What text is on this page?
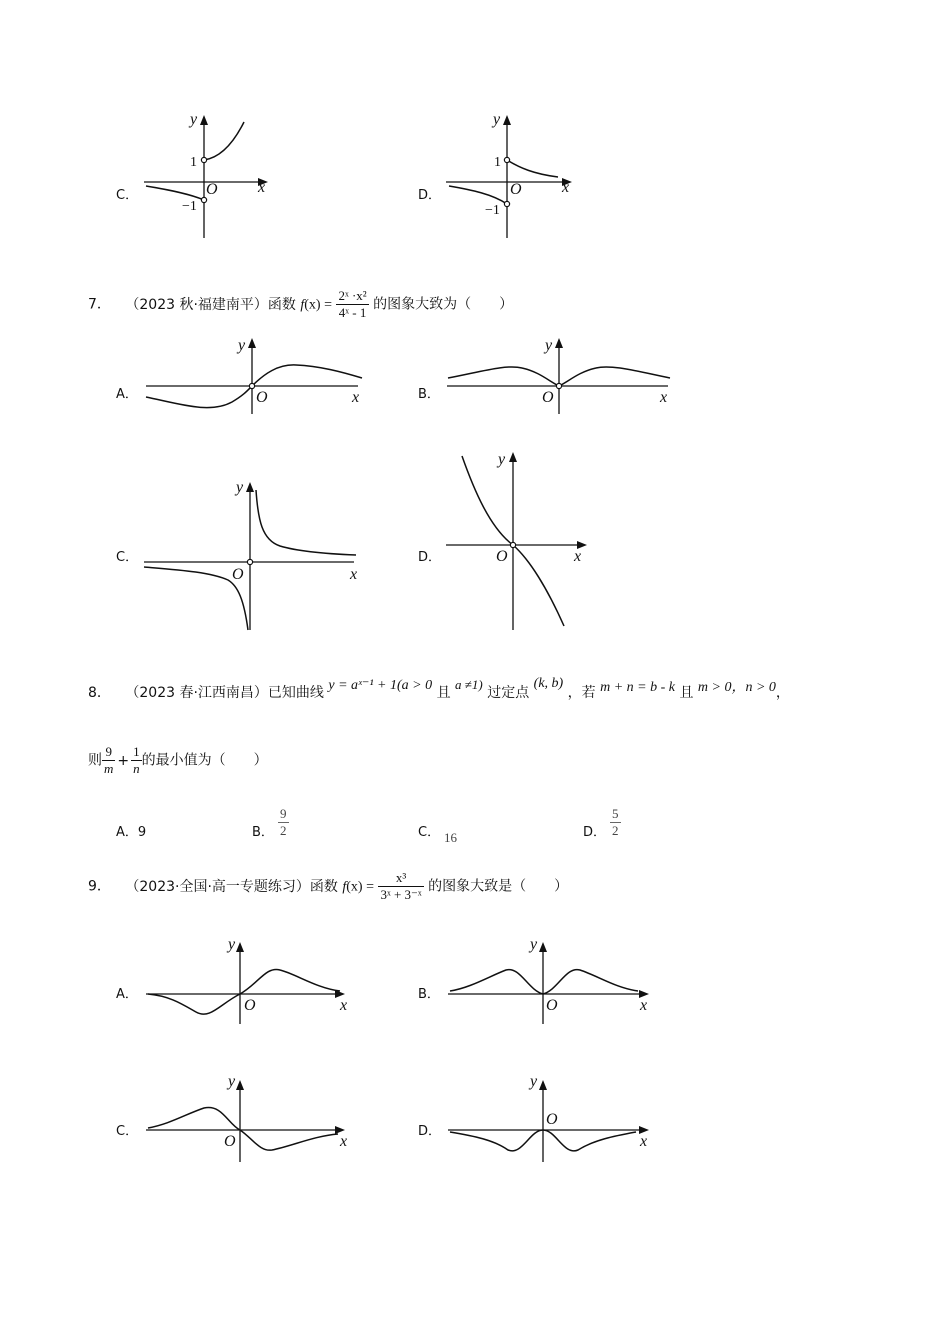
C．
y
x
O
1
−1
D．
y
x
O
1
−1
7． （2023 秋·福建南平）函数 $f(x) = \frac{\text{2ˣ ·x²}}{\text{4ˣ - 1}}$ 的图象大致为（　　）
A．
y
x
O	B．
y
x
O
C．
y
x
O
D．
y
x
O
8． （2023 春·江西南昌）已知曲线 y = aˣ⁻¹ + 1(a > 0 且 a ≠1) 过定点 (k, b) ，若 m + n = b - k 且 m > 0，n > 0，
则 $\frac{9}{m} + \frac{1}{n}$ 的最小值为（　　）
A．9	B． $\frac{9}{2}$	C． 16	D． $\frac{5}{2}$
9． （2023·全国·高一专题练习）函数 $f(x) = \frac{\text{x³}}{\text{3ˣ + 3⁻ˣ}}$ 的图象大致是（　　）
A．
y
x
O
B．
y
x
O
C．
y
x
O
D．
y
x
O
